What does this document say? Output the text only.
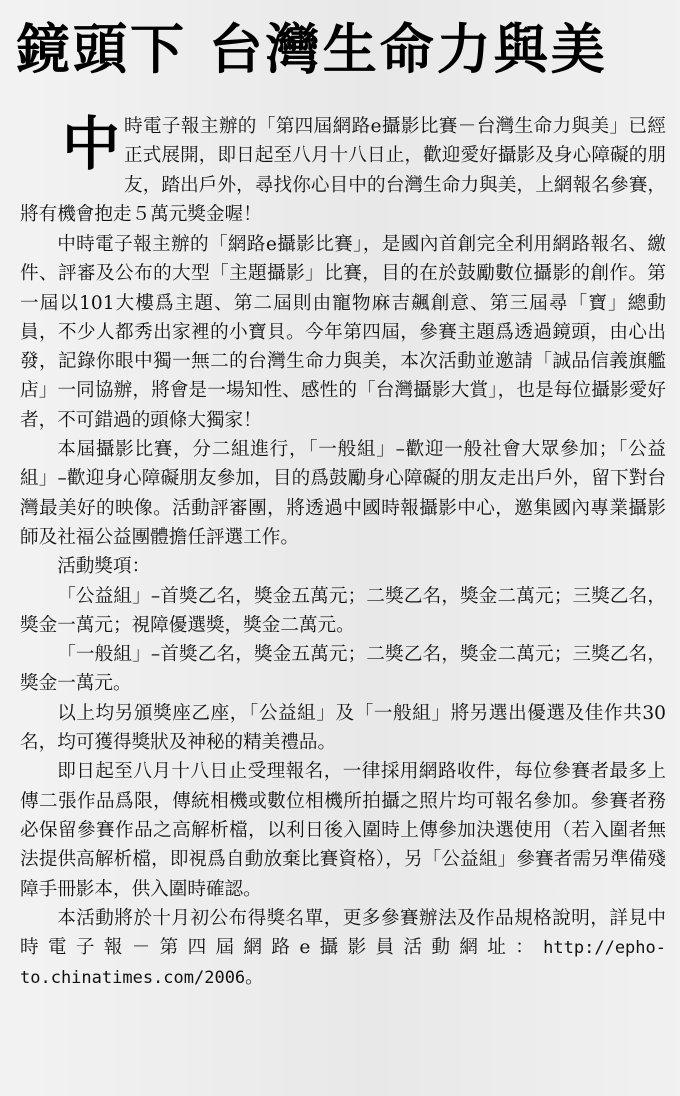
鏡頭下 台灣生命力與美

中 時電子報主辦的「第四屆網路e攝影比賽－台灣生命力與美」已經正式展開，即日起至八月十八日止，歡迎愛好攝影及身心障礙的朋友，踏出戶外，尋找你心目中的台灣生命力與美，上網報名參賽，將有機會抱走５萬元獎金喔！

中時電子報主辦的「網路e攝影比賽」，是國內首創完全利用網路報名、繳件、評審及公布的大型「主題攝影」比賽，目的在於鼓勵數位攝影的創作。第一屆以101大樓爲主題、第二屆則由寵物麻吉飆創意、第三屆尋「寶」總動員，不少人都秀出家裡的小寶貝。今年第四屆，參賽主題爲透過鏡頭，由心出發，記錄你眼中獨一無二的台灣生命力與美，本次活動並邀請「誠品信義旗艦店」一同協辦，將會是一場知性、感性的「台灣攝影大賞」，也是每位攝影愛好者，不可錯過的頭條大獨家！

本屆攝影比賽，分二組進行，「一般組」–歡迎一般社會大眾參加；「公益組」–歡迎身心障礙朋友參加，目的爲鼓勵身心障礙的朋友走出戶外，留下對台灣最美好的映像。活動評審團，將透過中國時報攝影中心，邀集國內專業攝影師及社福公益團體擔任評選工作。

活動獎項：

「公益組」–首獎乙名，獎金五萬元；二獎乙名，獎金二萬元；三獎乙名，獎金一萬元；視障優選獎，獎金二萬元。

「一般組」–首獎乙名，獎金五萬元；二獎乙名，獎金二萬元；三獎乙名，獎金一萬元。

以上均另頒獎座乙座，「公益組」及「一般組」將另選出優選及佳作共30名，均可獲得獎狀及神秘的精美禮品。

即日起至八月十八日止受理報名，一律採用網路收件，每位參賽者最多上傳二張作品爲限，傳統相機或數位相機所拍攝之照片均可報名參加。參賽者務必保留參賽作品之高解析檔，以利日後入圍時上傳參加決選使用（若入圍者無法提供高解析檔，即視爲自動放棄比賽資格），另「公益組」參賽者需另準備殘障手冊影本，供入圍時確認。

本活動將於十月初公布得獎名單，更多參賽辦法及作品規格說明，詳見中時電子報－第四屆網路e攝影員活動網址：http://epho-to.chinatimes.com/2006。
